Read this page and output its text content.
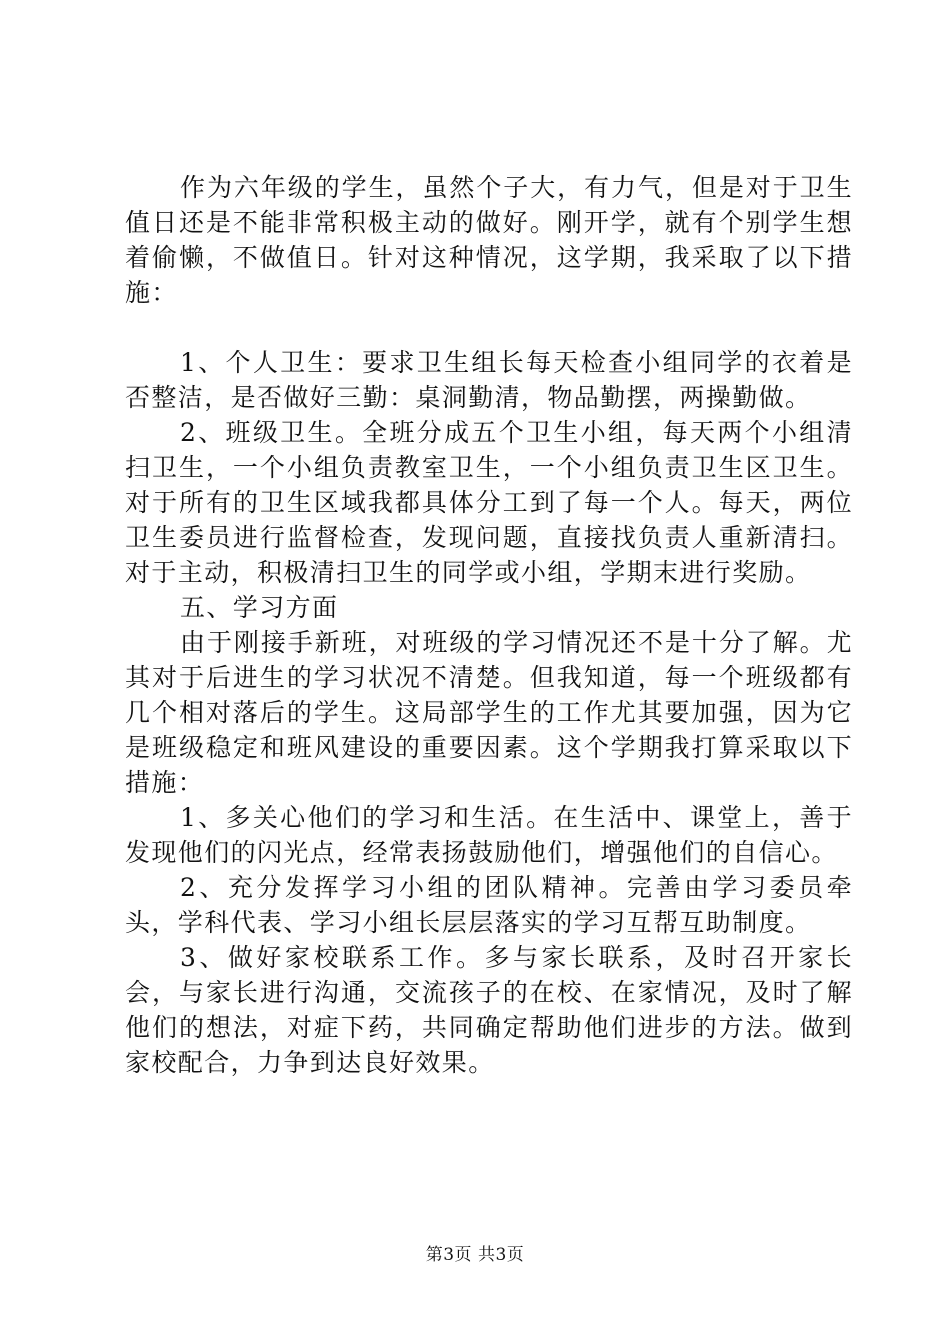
作为六年级的学生，虽然个子大，有力气，但是对于卫生值日还是不能非常积极主动的做好。刚开学，就有个别学生想着偷懒，不做值日。针对这种情况，这学期，我采取了以下措施：

1、个人卫生：要求卫生组长每天检查小组同学的衣着是否整洁，是否做好三勤：桌洞勤清，物品勤摆，两操勤做。

2、班级卫生。全班分成五个卫生小组，每天两个小组清扫卫生，一个小组负责教室卫生，一个小组负责卫生区卫生。对于所有的卫生区域我都具体分工到了每一个人。每天，两位卫生委员进行监督检查，发现问题，直接找负责人重新清扫。对于主动，积极清扫卫生的同学或小组，学期末进行奖励。

五、学习方面

由于刚接手新班，对班级的学习情况还不是十分了解。尤其对于后进生的学习状况不清楚。但我知道，每一个班级都有几个相对落后的学生。这局部学生的工作尤其要加强，因为它是班级稳定和班风建设的重要因素。这个学期我打算采取以下措施：

1、多关心他们的学习和生活。在生活中、课堂上，善于发现他们的闪光点，经常表扬鼓励他们，增强他们的自信心。

2、充分发挥学习小组的团队精神。完善由学习委员牵头，学科代表、学习小组长层层落实的学习互帮互助制度。

3、做好家校联系工作。多与家长联系，及时召开家长会，与家长进行沟通，交流孩子的在校、在家情况，及时了解他们的想法，对症下药，共同确定帮助他们进步的方法。做到家校配合，力争到达良好效果。

第3页 共3页
